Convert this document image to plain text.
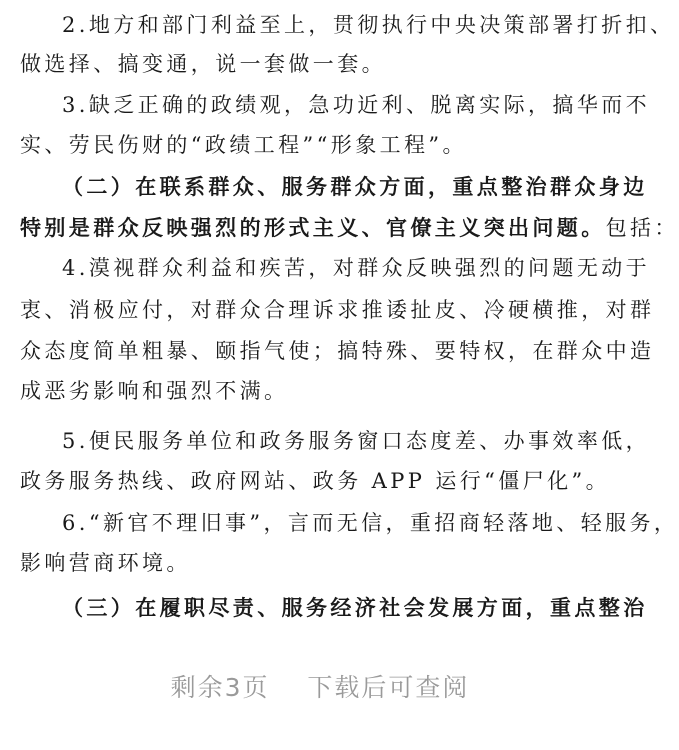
2.地方和部门利益至上，贯彻执行中央决策部署打折扣、
做选择、搞变通，说一套做一套。
3.缺乏正确的政绩观，急功近利、脱离实际，搞华而不
实、劳民伤财的“政绩工程”“形象工程”。
（二）在联系群众、服务群众方面，重点整治群众身边
特别是群众反映强烈的形式主义、官僚主义突出问题。包括：
4.漠视群众利益和疾苦，对群众反映强烈的问题无动于
衷、消极应付，对群众合理诉求推诿扯皮、冷硬横推，对群
众态度简单粗暴、颐指气使；搞特殊、要特权，在群众中造
成恶劣影响和强烈不满。
5.便民服务单位和政务服务窗口态度差、办事效率低，
政务服务热线、政府网站、政务 APP 运行“僵尸化”。
6.“新官不理旧事”，言而无信，重招商轻落地、轻服务，
影响营商环境。
（三）在履职尽责、服务经济社会发展方面，重点整治
剩余3页 下载后可查阅
